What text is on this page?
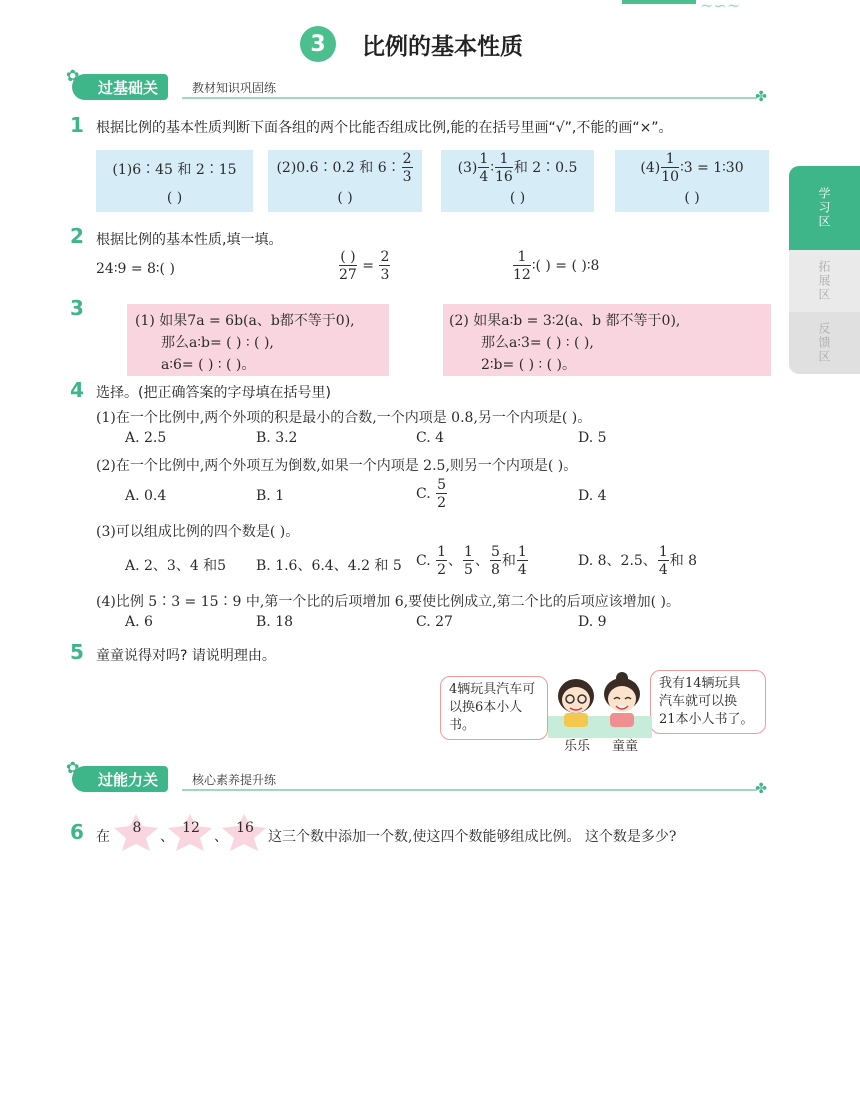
~∽~
3	比例的基本性质
学习区
拓展区
反馈区
过基础关
✿
教材知识巩固练
✤
1 根据比例的基本性质判断下面各组的两个比能否组成比例,能的在括号里画“√”,不能的画“×”。
(1)6∶45 和 2∶15
( )
(2)0.6∶0.2 和 6∶ $\frac{2}{3}$
( )
$(3) \frac{1}{4}$ ∶ $\frac{1}{16}$ 和 2∶0.5
( )
$(4) \frac{1}{10}$ ∶3 = 1∶30
( )
2 根据比例的基本性质,填一填。
24∶9 = 8∶( )	$\frac{( )}{27} = \frac{2}{3}$	$\frac{1}{12}$ ∶( ) = ( )∶8
3
(1) 如果7a = 6b(a、b都不等于0),
那么a∶b= ( ) ∶ ( ),
a∶6= ( ) ∶ ( )。
(2) 如果a∶b = 3∶2(a、b 都不等于0),
那么a∶3= ( ) ∶ ( ),
2∶b= ( ) ∶ ( )。
4 选择。(把正确答案的字母填在括号里)
(1)在一个比例中,两个外项的积是最小的合数,一个内项是 0.8,另一个内项是( )。
A. 2.5	B. 3.2	C. 4	D. 5
(2)在一个比例中,两个外项互为倒数,如果一个内项是 2.5,则另一个内项是( )。
A. 0.4	B. 1	C. $\frac{5}{2}$	D. 4
(3)可以组成比例的四个数是( )。
A. 2、3、4 和5 B. 1.6、6.4、4.2 和 5 C. $\frac{1}{2}$ 、 $\frac{1}{5}$ 、 $\frac{5}{8}$ 和 $\frac{1}{4}$	D. 8、2.5、 $\frac{1}{4}$ 和 8
(4)比例 5∶3 = 15∶9 中,第一个比的后项增加 6,要使比例成立,第二个比的后项应该增加( )。
A. 6	B. 18	C. 27	D. 9
5 童童说得对吗? 请说明理由。
4辆玩具汽车可
以换6本小人书。
我有14辆玩具
汽车就可以换
21本小人书了。
乐乐 童童
过能力关
✿
核心素养提升练
✤
6 在
8
、
12
、
16
这三个数中添加一个数,使这四个数能够组成比例。 这个数是多少?
